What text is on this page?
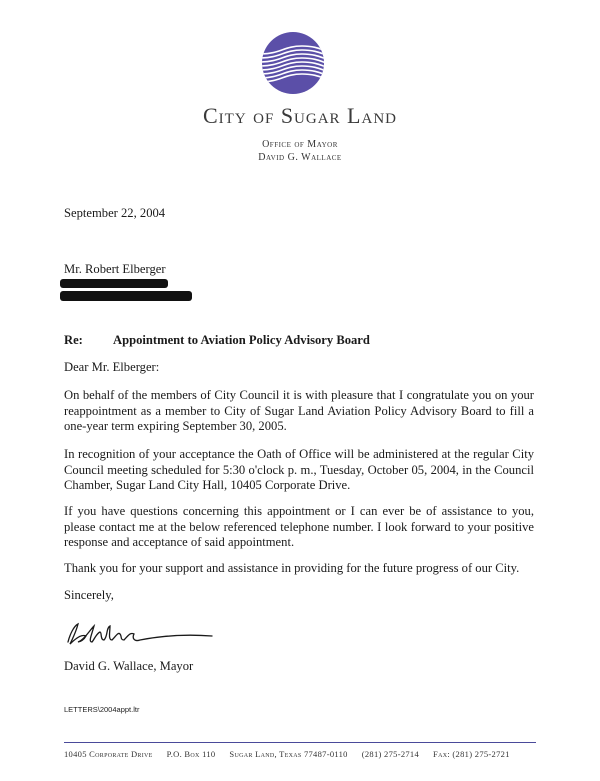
City of Sugar Land
Office of Mayor
David G. Wallace
September 22, 2004
Mr. Robert Elberger
Re: Appointment to Aviation Policy Advisory Board
Dear Mr. Elberger:
On behalf of the members of City Council it is with pleasure that I congratulate you on your reappointment as a member to City of Sugar Land Aviation Policy Advisory Board to fill a one-year term expiring September 30, 2005.
In recognition of your acceptance the Oath of Office will be administered at the regular City Council meeting scheduled for 5:30 o'clock p. m., Tuesday, October 05, 2004, in the Council Chamber, Sugar Land City Hall, 10405 Corporate Drive.
If you have questions concerning this appointment or I can ever be of assistance to you, please contact me at the below referenced telephone number. I look forward to your positive response and acceptance of said appointment.
Thank you for your support and assistance in providing for the future progress of our City.
Sincerely,
David G. Wallace, Mayor
LETTERS\2004appt.ltr
10405 Corporate Drive P.O. Box 110 Sugar Land, Texas 77487-0110 (281) 275-2714 Fax: (281) 275-2721
